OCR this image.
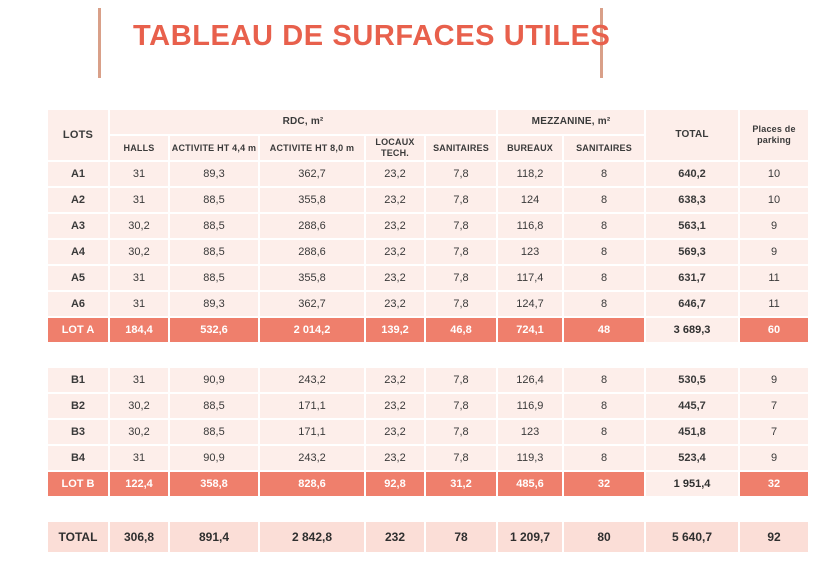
TABLEAU DE SURFACES UTILES
LOTS	RDC, m²					MEZZANINE, m²		TOTAL	Places de parking
	HALLS	ACTIVITE HT 4,4 m	ACTIVITE HT 8,0 m	LOCAUX TECH.	SANITAIRES	BUREAUX	SANITAIRES		
A1	31	89,3	362,7	23,2	7,8	118,2	8	640,2	10
A2	31	88,5	355,8	23,2	7,8	124	8	638,3	10
A3	30,2	88,5	288,6	23,2	7,8	116,8	8	563,1	9
A4	30,2	88,5	288,6	23,2	7,8	123	8	569,3	9
A5	31	88,5	355,8	23,2	7,8	117,4	8	631,7	11
A6	31	89,3	362,7	23,2	7,8	124,7	8	646,7	11
LOT A	184,4	532,6	2 014,2	139,2	46,8	724,1	48	3 689,3	60

B1	31	90,9	243,2	23,2	7,8	126,4	8	530,5	9
B2	30,2	88,5	171,1	23,2	7,8	116,9	8	445,7	7
B3	30,2	88,5	171,1	23,2	7,8	123	8	451,8	7
B4	31	90,9	243,2	23,2	7,8	119,3	8	523,4	9
LOT B	122,4	358,8	828,6	92,8	31,2	485,6	32	1 951,4	32

TOTAL	306,8	891,4	2 842,8	232	78	1 209,7	80	5 640,7	92
